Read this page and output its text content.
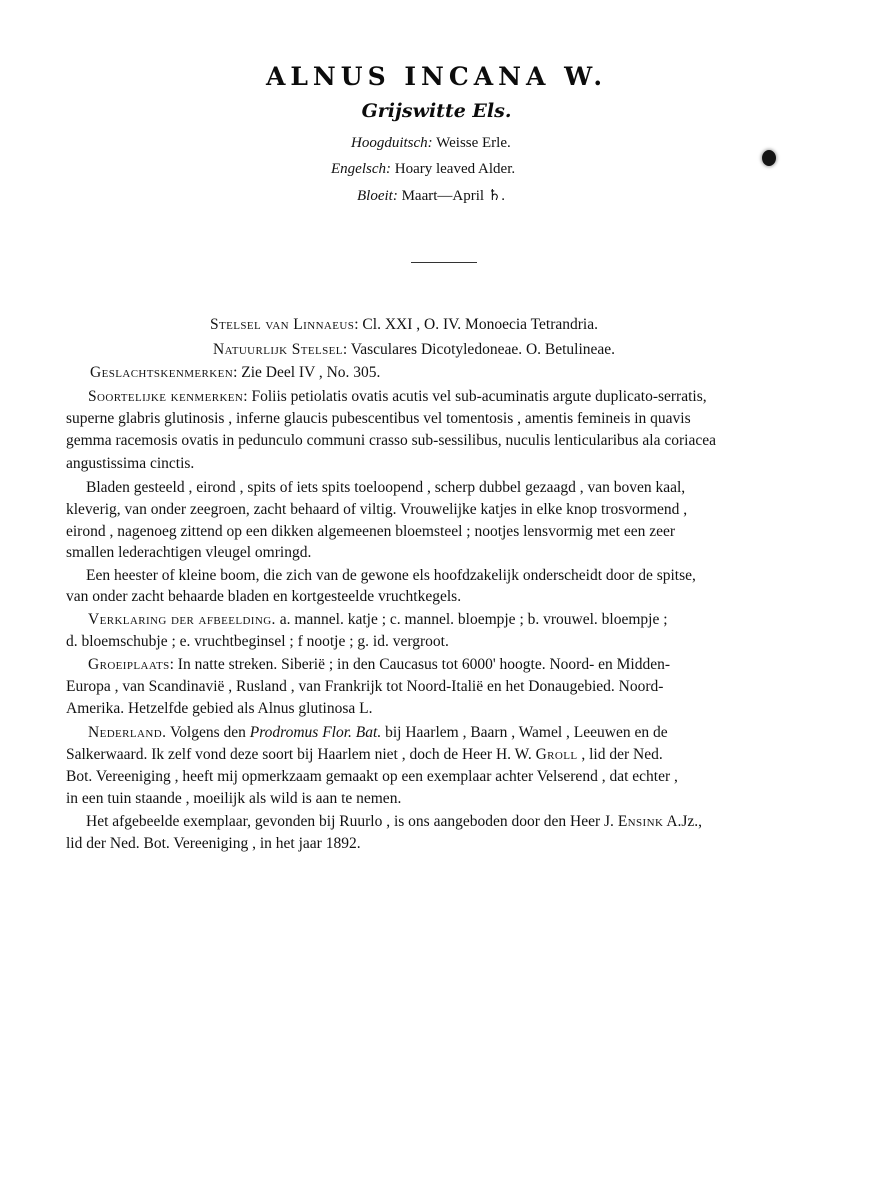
ALNUS INCANA W.
Grijswitte Els.
Hoogduitsch: Weisse Erle.
Engelsch: Hoary leaved Alder.
Bloeit: Maart—April ♄.
Stelsel van Linnaeus: Cl. XXI , O. IV. Monoecia Tetrandria.
Natuurlijk Stelsel: Vasculares Dicotyledoneae. O. Betulineae.
Geslachtskenmerken: Zie Deel IV , No. 305.
Soortelijke kenmerken: Foliis petiolatis ovatis acutis vel sub-acuminatis argute duplicato-serratis,
superne glabris glutinosis , inferne glaucis pubescentibus vel tomentosis , amentis femineis in quavis
gemma racemosis ovatis in pedunculo communi crasso sub-sessilibus, nuculis lenticularibus ala coriacea
angustissima cinctis.
Bladen gesteeld , eirond , spits of iets spits toeloopend , scherp dubbel gezaagd , van boven kaal,
kleverig, van onder zeegroen, zacht behaard of viltig. Vrouwelijke katjes in elke knop trosvormend ,
eirond , nagenoeg zittend op een dikken algemeenen bloemsteel ; nootjes lensvormig met een zeer
smallen lederachtigen vleugel omringd.
Een heester of kleine boom, die zich van de gewone els hoofdzakelijk onderscheidt door de spitse,
van onder zacht behaarde bladen en kortgesteelde vruchtkegels.
Verklaring der afbeelding. a. mannel. katje ; c. mannel. bloempje ; b. vrouwel. bloempje ;
d. bloemschubje ; e. vruchtbeginsel ; f nootje ; g. id. vergroot.
Groeiplaats: In natte streken. Siberië ; in den Caucasus tot 6000' hoogte. Noord- en Midden-
Europa , van Scandinavië , Rusland , van Frankrijk tot Noord-Italië en het Donaugebied. Noord-
Amerika. Hetzelfde gebied als Alnus glutinosa L.
Nederland. Volgens den Prodromus Flor. Bat. bij Haarlem , Baarn , Wamel , Leeuwen en de
Salkerwaard. Ik zelf vond deze soort bij Haarlem niet , doch de Heer H. W. Groll , lid der Ned.
Bot. Vereeniging , heeft mij opmerkzaam gemaakt op een exemplaar achter Velserend , dat echter ,
in een tuin staande , moeilijk als wild is aan te nemen.
Het afgebeelde exemplaar, gevonden bij Ruurlo , is ons aangeboden door den Heer J. Ensink A.Jz.,
lid der Ned. Bot. Vereeniging , in het jaar 1892.
